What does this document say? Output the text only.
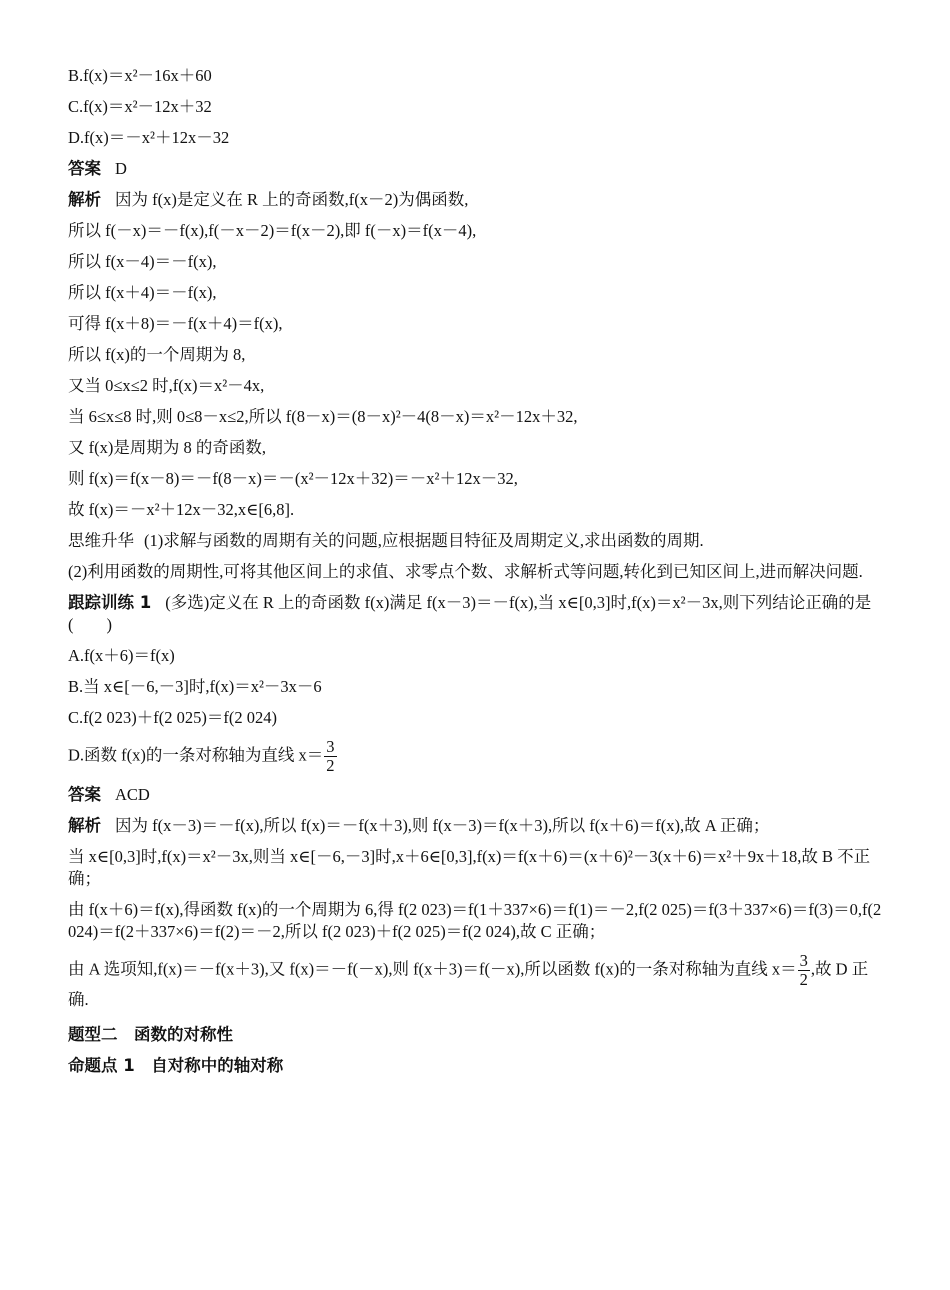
B.f(x)＝x²－16x＋60
C.f(x)＝x²－12x＋32
D.f(x)＝－x²＋12x－32
答案 D
解析 因为 f(x)是定义在 R 上的奇函数,f(x－2)为偶函数,
所以 f(－x)＝－f(x),f(－x－2)＝f(x－2),即 f(－x)＝f(x－4),
所以 f(x－4)＝－f(x),
所以 f(x＋4)＝－f(x),
可得 f(x＋8)＝－f(x＋4)＝f(x),
所以 f(x)的一个周期为 8,
又当 0≤x≤2 时,f(x)＝x²－4x,
当 6≤x≤8 时,则 0≤8－x≤2,所以 f(8－x)＝(8－x)²－4(8－x)＝x²－12x＋32,
又 f(x)是周期为 8 的奇函数,
则 f(x)＝f(x－8)＝－f(8－x)＝－(x²－12x＋32)＝－x²＋12x－32,
故 f(x)＝－x²＋12x－32,x∈[6,8].
思维升华 (1)求解与函数的周期有关的问题,应根据题目特征及周期定义,求出函数的周期.
(2)利用函数的周期性,可将其他区间上的求值、求零点个数、求解析式等问题,转化到已知区间上,进而解决问题.
跟踪训练 1 (多选)定义在 R 上的奇函数 f(x)满足 f(x－3)＝－f(x),当 x∈[0,3]时,f(x)＝x²－3x,则下列结论正确的是(　　)
A.f(x＋6)＝f(x)
B.当 x∈[－6,－3]时,f(x)＝x²－3x－6
C.f(2 023)＋f(2 025)＝f(2 024)
D.函数 f(x)的一条对称轴为直线 $x= \frac{3}{2}$
答案 ACD
解析 因为 f(x－3)＝－f(x),所以 f(x)＝－f(x＋3),则 f(x－3)＝f(x＋3),所以 f(x＋6)＝f(x),故 A 正确；
当 x∈[0,3]时,f(x)＝x²－3x,则当 x∈[－6,－3]时,x＋6∈[0,3],f(x)＝f(x＋6)＝(x＋6)²－3(x＋6)＝x²＋9x＋18,故 B 不正确；
由 f(x＋6)＝f(x),得函数 f(x)的一个周期为 6,得 f(2 023)＝f(1＋337×6)＝f(1)＝－2,f(2 025)＝f(3＋337×6)＝f(3)＝0,f(2 024)＝f(2＋337×6)＝f(2)＝－2,所以 f(2 023)＋f(2 025)＝f(2 024),故 C 正确；
由 A 选项知,f(x)＝－f(x＋3),又 f(x)＝－f(－x),则 f(x＋3)＝f(－x),所以函数 f(x)的一条对称轴为直线 $x= \frac{3}{2}$ ,故 D 正确.
题型二　函数的对称性
命题点 1　自对称中的轴对称
